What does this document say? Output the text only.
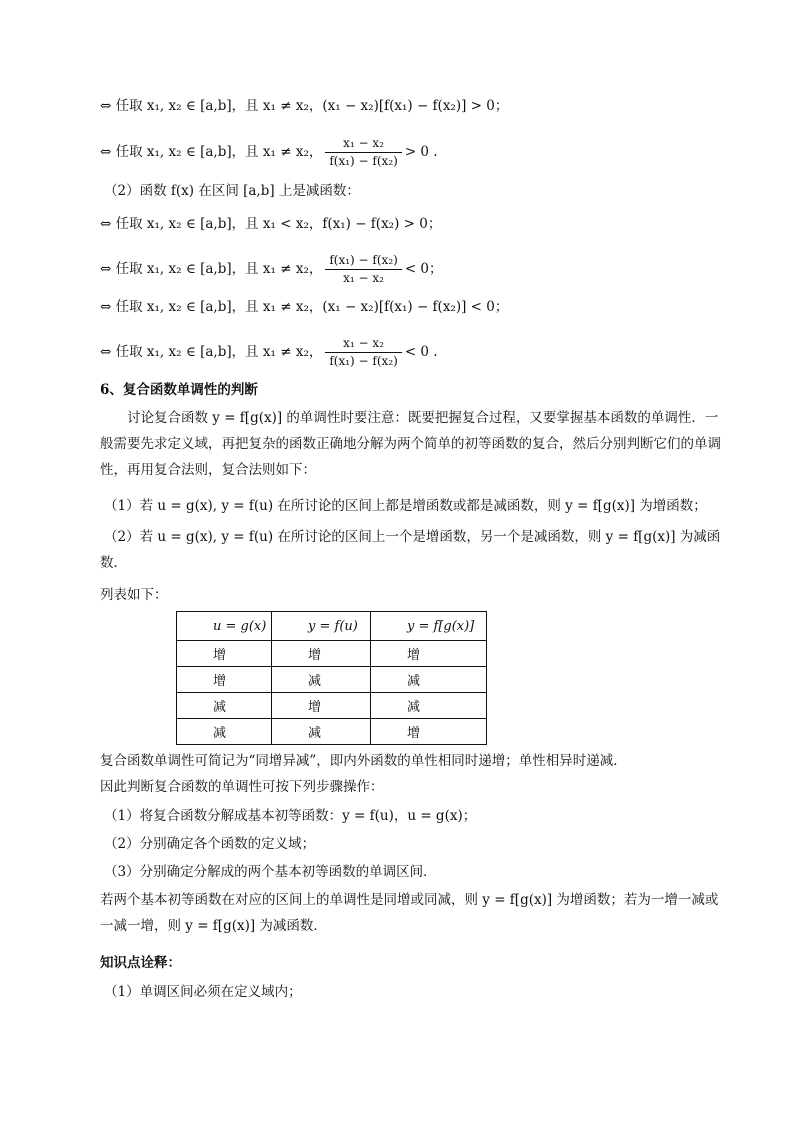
⇔ 任取 x₁, x₂ ∈ [a,b]，且 x₁ ≠ x₂，(x₁ − x₂)[f(x₁) − f(x₂)] > 0；
⇔ 任取 x₁, x₂ ∈ [a,b]，且 x₁ ≠ x₂， $\frac{\text{x₁ − x₂}}{\text{f(x₁) − f(x₂)}} > 0$ .
（2）函数 f(x) 在区间 [a,b] 上是减函数：
⇔ 任取 x₁, x₂ ∈ [a,b]，且 x₁ < x₂，f(x₁) − f(x₂) > 0；
⇔ 任取 x₁, x₂ ∈ [a,b]，且 x₁ ≠ x₂， $\frac{\text{f(x₁) − f(x₂)}}{\text{x₁ − x₂}} < 0$；
⇔ 任取 x₁, x₂ ∈ [a,b]，且 x₁ ≠ x₂，(x₁ − x₂)[f(x₁) − f(x₂)] < 0；
⇔ 任取 x₁, x₂ ∈ [a,b]，且 x₁ ≠ x₂， $\frac{\text{x₁ − x₂}}{\text{f(x₁) − f(x₂)}} < 0$ .
6、复合函数单调性的判断
讨论复合函数 y = f[g(x)] 的单调性时要注意：既要把握复合过程，又要掌握基本函数的单调性．一般需要先求定义域，再把复杂的函数正确地分解为两个简单的初等函数的复合，然后分别判断它们的单调性，再用复合法则，复合法则如下：
（1）若 u = g(x), y = f(u) 在所讨论的区间上都是增函数或都是减函数，则 y = f[g(x)] 为增函数；
（2）若 u = g(x), y = f(u) 在所讨论的区间上一个是增函数，另一个是减函数，则 y = f[g(x)] 为减函数．
列表如下：
u = g(x)	y = f(u)	y = f[g(x)]
增	增	增
增	减	减
减	增	减
减	减	增
复合函数单调性可简记为“同增异减”，即内外函数的单性相同时递增；单性相异时递减．
因此判断复合函数的单调性可按下列步骤操作：
（1）将复合函数分解成基本初等函数：y = f(u)，u = g(x)；
（2）分别确定各个函数的定义域；
（3）分别确定分解成的两个基本初等函数的单调区间．
若两个基本初等函数在对应的区间上的单调性是同增或同减，则 y = f[g(x)] 为增函数；若为一增一减或一减一增，则 y = f[g(x)] 为减函数．
知识点诠释：
（1）单调区间必须在定义域内；
